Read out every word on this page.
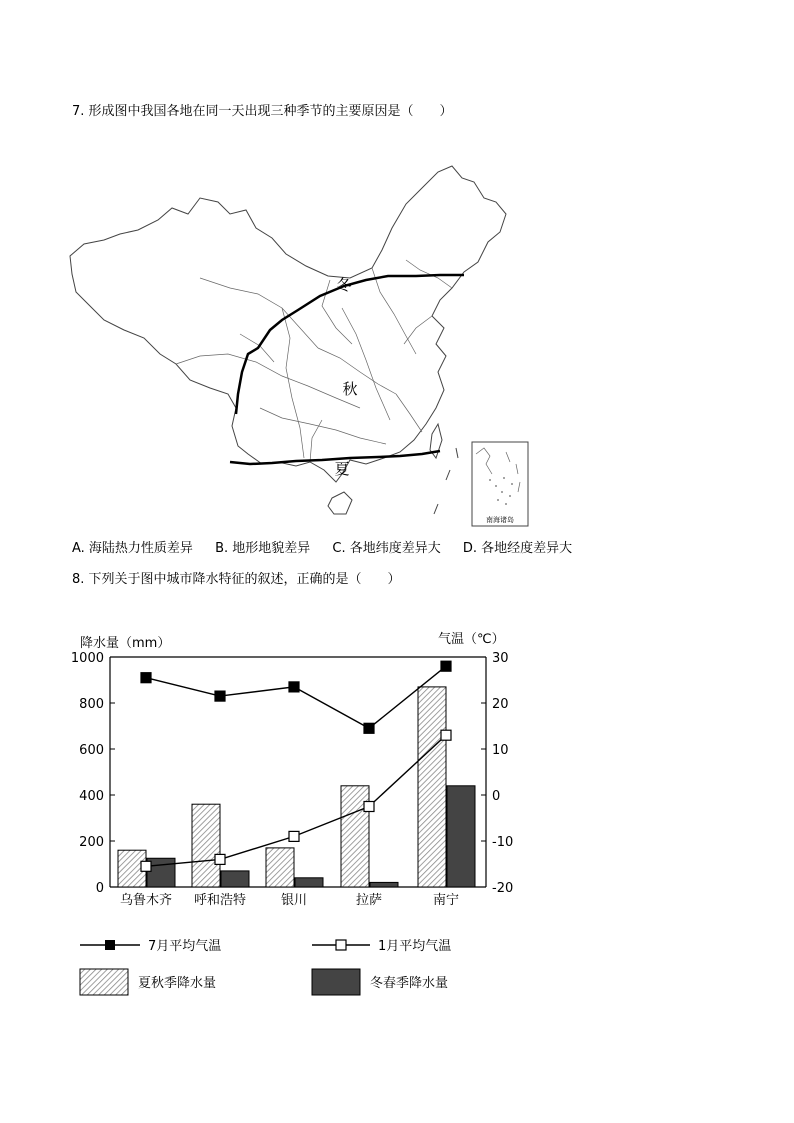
7. 形成图中我国各地在同一天出现三种季节的主要原因是（　　）
冬
秋
夏
南海诸岛
A. 海陆热力性质差异 B. 地形地貌差异 C. 各地纬度差异大 D. 各地经度差异大
8. 下列关于图中城市降水特征的叙述，正确的是（　　）
降水量（mm）	气温（℃）
0
200
400
600
800
1000
-20
-10
0
10
20
30
乌鲁木齐 呼和浩特	银川	拉萨	南宁
7月平均气温	1月平均气温
夏秋季降水量	冬春季降水量
